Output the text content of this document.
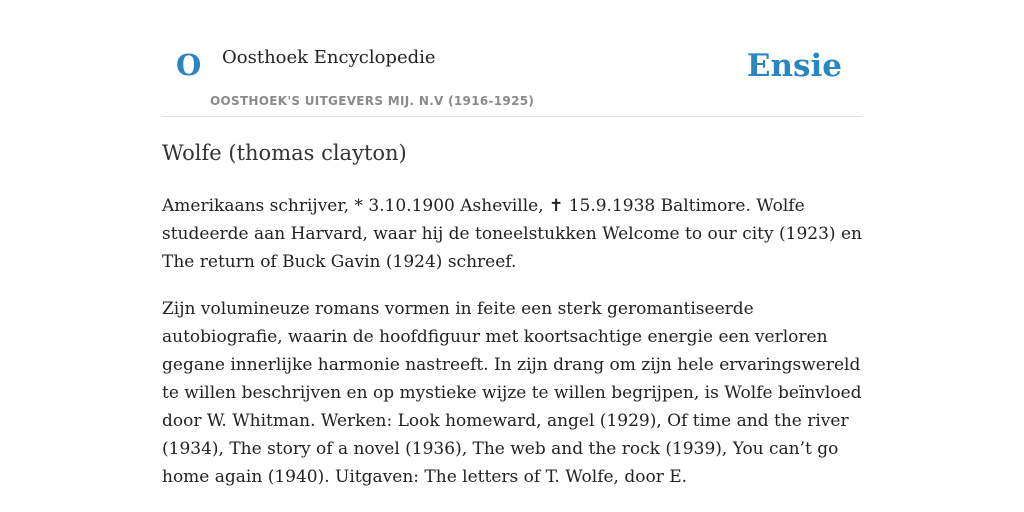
O Oosthoek Encyclopedie
OOSTHOEK'S UITGEVERS MIJ. N.V (1916-1925)
Ensie
Wolfe (thomas clayton)

Amerikaans schrijver, * 3.10.1900 Asheville, ✝ 15.9.1938 Baltimore. Wolfe studeerde aan Harvard, waar hij de toneelstukken Welcome to our city (1923) en The return of Buck Gavin (1924) schreef.

Zijn volumineuze romans vormen in feite een sterk geromantiseerde autobiografie, waarin de hoofdfiguur met koortsachtige energie een verloren gegane innerlijke harmonie nastreeft. In zijn drang om zijn hele ervaringswereld te willen beschrijven en op mystieke wijze te willen begrijpen, is Wolfe beïnvloed door W. Whitman. Werken: Look homeward, angel (1929), Of time and the river (1934), The story of a novel (1936), The web and the rock (1939), You can’t go home again (1940). Uitgaven: The letters of T. Wolfe, door E.
